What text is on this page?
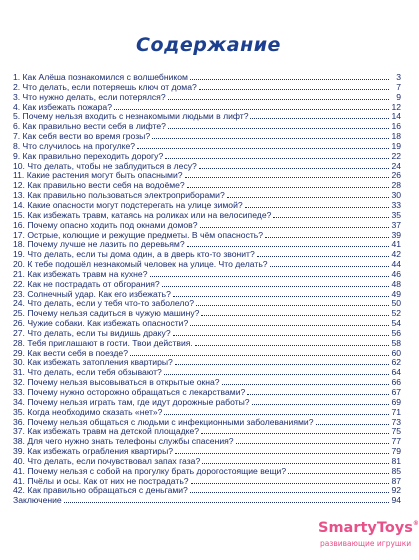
Содержание
1. Как Алёша познакомился с волшебником	3
2. Что делать, если потеряешь ключ от дома?	7
3. Что нужно делать, если потерялся?	9
4. Как избежать пожара?	12
5. Почему нельзя входить с незнакомыми людьми в лифт?	14
6. Как правильно вести себя в лифте?	16
7. Как себя вести во время грозы?	18
8. Что случилось на прогулке?	19
9. Как правильно переходить дорогу?	22
10. Что делать, чтобы не заблудиться в лесу?	24
11. Какие растения могут быть опасными?	26
12. Как правильно вести себя на водоёме?	28
13. Как правильно пользоваться электроприборами?	30
14. Какие опасности могут подстерегать на улице зимой?	33
15. Как избежать травм, катаясь на роликах или на велосипеде?	35
16. Почему опасно ходить под окнами домов?	37
17. Острые, колющие и режущие предметы. В чём опасность?	39
18. Почему лучше не лазить по деревьям?	41
19. Что делать, если ты дома один, а в дверь кто-то звонит?	42
20. К тебе подошёл незнакомый человек на улице. Что делать?	44
21. Как избежать травм на кухне?	46
22. Как не пострадать от обгорания?	48
23. Солнечный удар. Как его избежать?	49
24. Что делать, если у тебя что-то заболело?	50
25. Почему нельзя садиться в чужую машину?	52
26. Чужие собаки. Как избежать опасности?	54
27. Что делать, если ты видишь драку?	56
28. Тебя приглашают в гости. Твои действия.	58
29. Как вести себя в поезде?	60
30. Как избежать затопления квартиры?	62
31. Что делать, если тебя обзывают?	64
32. Почему нельзя высовываться в открытые окна?	66
33. Почему нужно осторожно обращаться с лекарствами?	67
34. Почему нельзя играть там, где идут дорожные работы?	69
35. Когда необходимо сказать «нет»?	71
36. Почему нельзя общаться с людьми с инфекционными заболеваниями?	73
37. Как избежать травм на детской площадке?	75
38. Для чего нужно знать телефоны службы спасения?	77
39. Как избежать ограбления квартиры?	79
40. Что делать, если почувствовал запах газа?	81
41. Почему нельзя с собой на прогулку брать дорогостоящие вещи?	85
41. Пчёлы и осы. Как от них не пострадать?	87
42. Как правильно обращаться с деньгами?	92
Заключение	94
SmartyToys®
развивающие игрушки
